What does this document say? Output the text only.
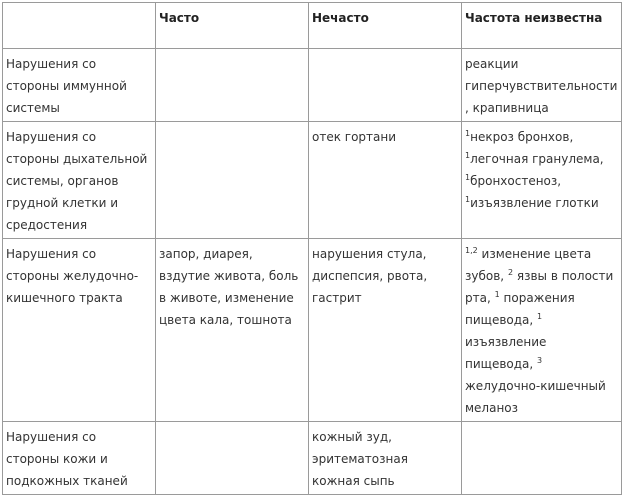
	Часто	Нечасто	Частота неизвестна
Нарушения со стороны иммунной системы			реакции гиперчувствительности, крапивница
Нарушения со стороны дыхательной системы, органов грудной клетки и средостения		отек гортани	$^1$некроз бронхов, $^1$легочная гранулема, $^1$бронхостеноз, $^1$изъязвление глотки
Нарушения со стороны желудочно-кишечного тракта	запор, диарея, вздутие живота, боль в животе, изменение цвета кала, тошнота	нарушения стула, диспепсия, рвота, гастрит	$^{1,2}$ изменение цвета зубов, $^2$ язвы в полости рта, $^1$ поражения пищевода, $^1$ изъязвление пищевода, $^3$ желудочно-кишечный меланоз
Нарушения со стороны кожи и подкожных тканей		кожный зуд, эритематозная кожная сыпь	
